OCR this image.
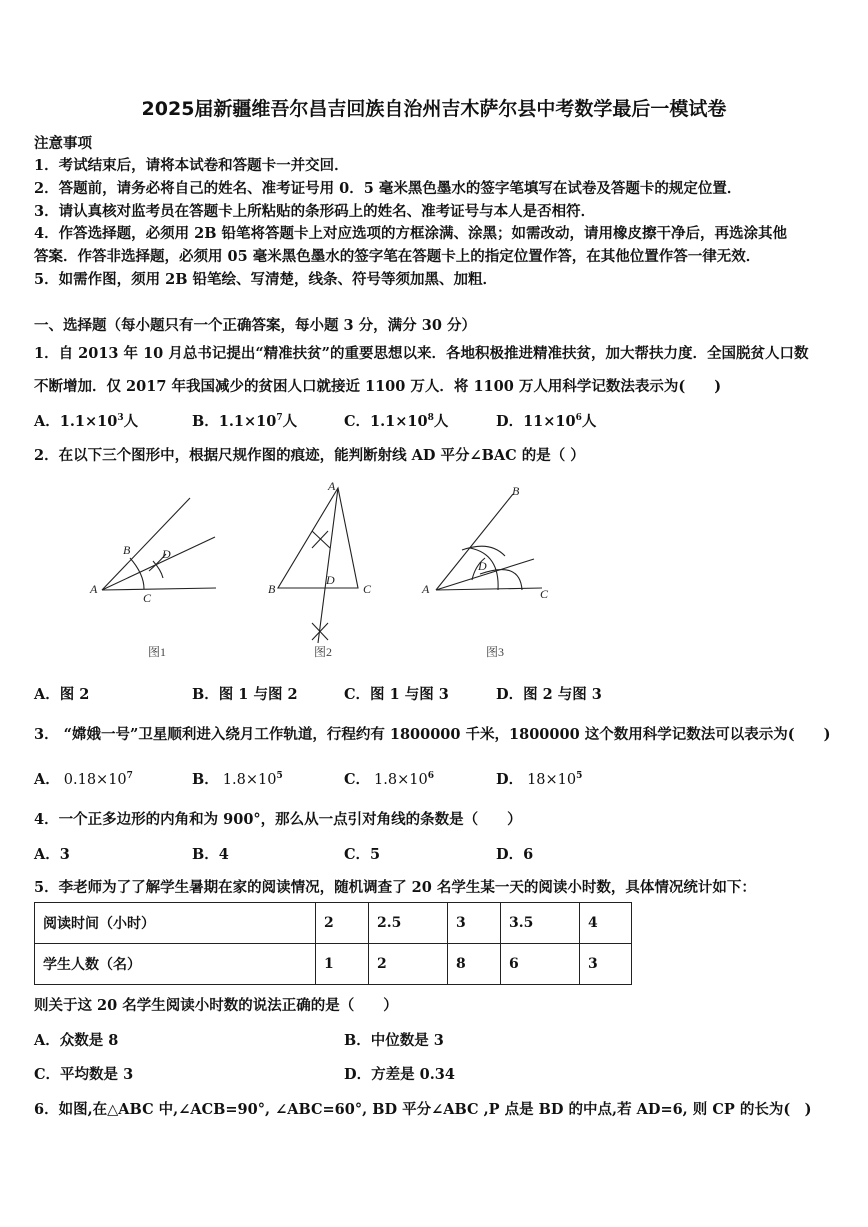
2025届新疆维吾尔昌吉回族自治州吉木萨尔县中考数学最后一模试卷
注意事项
1．考试结束后，请将本试卷和答题卡一并交回．
2．答题前，请务必将自己的姓名、准考证号用 0．5 毫米黑色墨水的签字笔填写在试卷及答题卡的规定位置．
3．请认真核对监考员在答题卡上所粘贴的条形码上的姓名、准考证号与本人是否相符．
4．作答选择题，必须用 2B 铅笔将答题卡上对应选项的方框涂满、涂黑；如需改动，请用橡皮擦干净后，再选涂其他
答案．作答非选择题，必须用 05 毫米黑色墨水的签字笔在答题卡上的指定位置作答，在其他位置作答一律无效．
5．如需作图，须用 2B 铅笔绘、写清楚，线条、符号等须加黑、加粗．
一、选择题（每小题只有一个正确答案，每小题 3 分，满分 30 分）
1．自 2013 年 10 月总书记提出“精准扶贫”的重要思想以来．各地积极推进精准扶贫，加大帮扶力度．全国脱贫人口数
不断增加．仅 2017 年我国减少的贫困人口就接近 1100 万人．将 1100 万人用科学记数法表示为(　　)
A．$1.1\times 10^3$人	B．$1.1\times 10^7$人	C．$1.1\times 10^8$人	D．$11\times 10^6$人
2．在以下三个图形中，根据尺规作图的痕迹，能判断射线 AD 平分∠BAC 的是（ ）
A
B
C
D
图1
A
B	C
D
图2
A
B
C
D
图3
A．图 2	B．图 1 与图 2	C．图 1 与图 3	D．图 2 与图 3
3． “嫦娥一号”卫星顺利进入绕月工作轨道，行程约有 1800000 千米，1800000 这个数用科学记数法可以表示为(　　)
A． $0.18\times 10^7$	B． $1.8\times 10^5$	C． $1.8\times 10^6$	D． $18\times 10^5$
4．一个正多边形的内角和为 900°，那么从一点引对角线的条数是（　　）
A．3	B．4	C．5	D．6
5．李老师为了了解学生暑期在家的阅读情况，随机调查了 20 名学生某一天的阅读小时数，具体情况统计如下：
阅读时间（小时）	2	2.5	3	3.5	4
学生人数（名）	1	2	8	6	3
则关于这 20 名学生阅读小时数的说法正确的是（　　）
A．众数是 8	B．中位数是 3
C．平均数是 3	D．方差是 0.34
6．如图,在△ABC 中,∠ACB=90°, ∠ABC=60°, BD 平分∠ABC ,P 点是 BD 的中点,若 AD=6, 则 CP 的长为(　)
